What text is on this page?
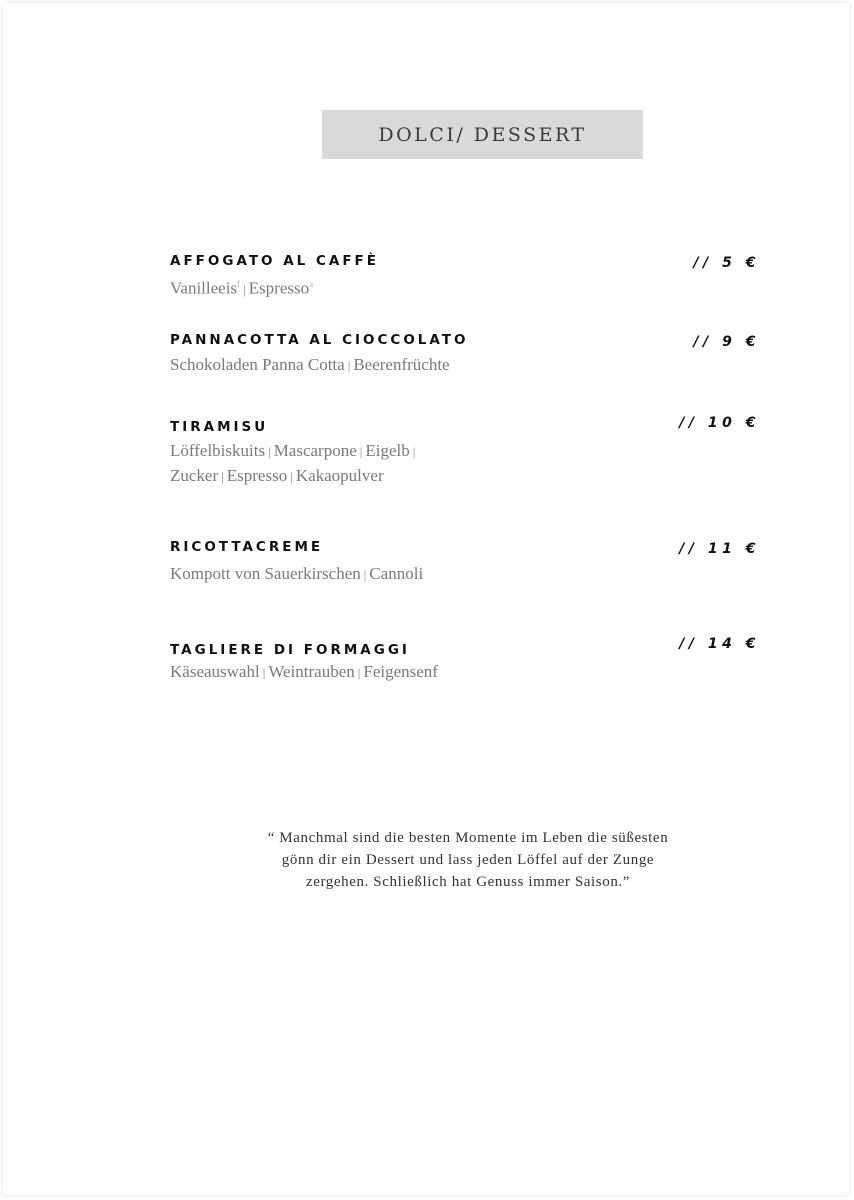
DOLCI/ DESSERT
AFFOGATO AL CAFFÈ	// 5 €
Vanilleeis$^f$ | Espresso$^a$
PANNACOTTA AL CIOCCOLATO	// 9 €
Schokoladen Panna Cotta | Beerenfrüchte
TIRAMISU	// 10 €
Löffelbiskuits | Mascarpone | Eigelb |
Zucker | Espresso | Kakaopulver
RICOTTACREME	// 11 €
Kompott von Sauerkirschen | Cannoli
TAGLIERE DI FORMAGGI	// 14 €
Käseauswahl | Weintrauben | Feigensenf
“ Manchmal sind die besten Momente im Leben die süßesten
gönn dir ein Dessert und lass jeden Löffel auf der Zunge
zergehen. Schließlich hat Genuss immer Saison.”
